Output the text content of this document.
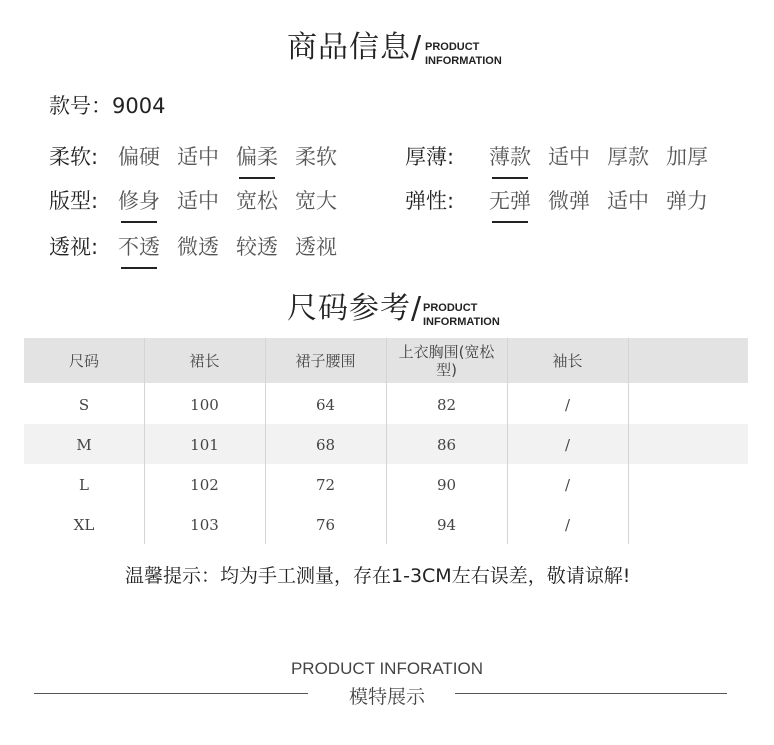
商品信息/ PRODUCT
INFORMATION
款号：9004
柔软: 偏硬 适中 偏柔 柔软	厚薄: 薄款 适中 厚款 加厚
版型: 修身 适中 宽松 宽大	弹性: 无弹 微弹 适中 弹力
透视: 不透 微透 较透 透视
尺码参考/ PRODUCT
INFORMATION
尺码	裙长	裙子腰围	上衣胸围(宽松
型)	袖长
S	100	64	82	/
M	101	68	86	/
L	102	72	90	/
XL	103	76	94	/
温馨提示：均为手工测量，存在1-3CM左右误差，敬请谅解!
PRODUCT INFORATION
模特展示
